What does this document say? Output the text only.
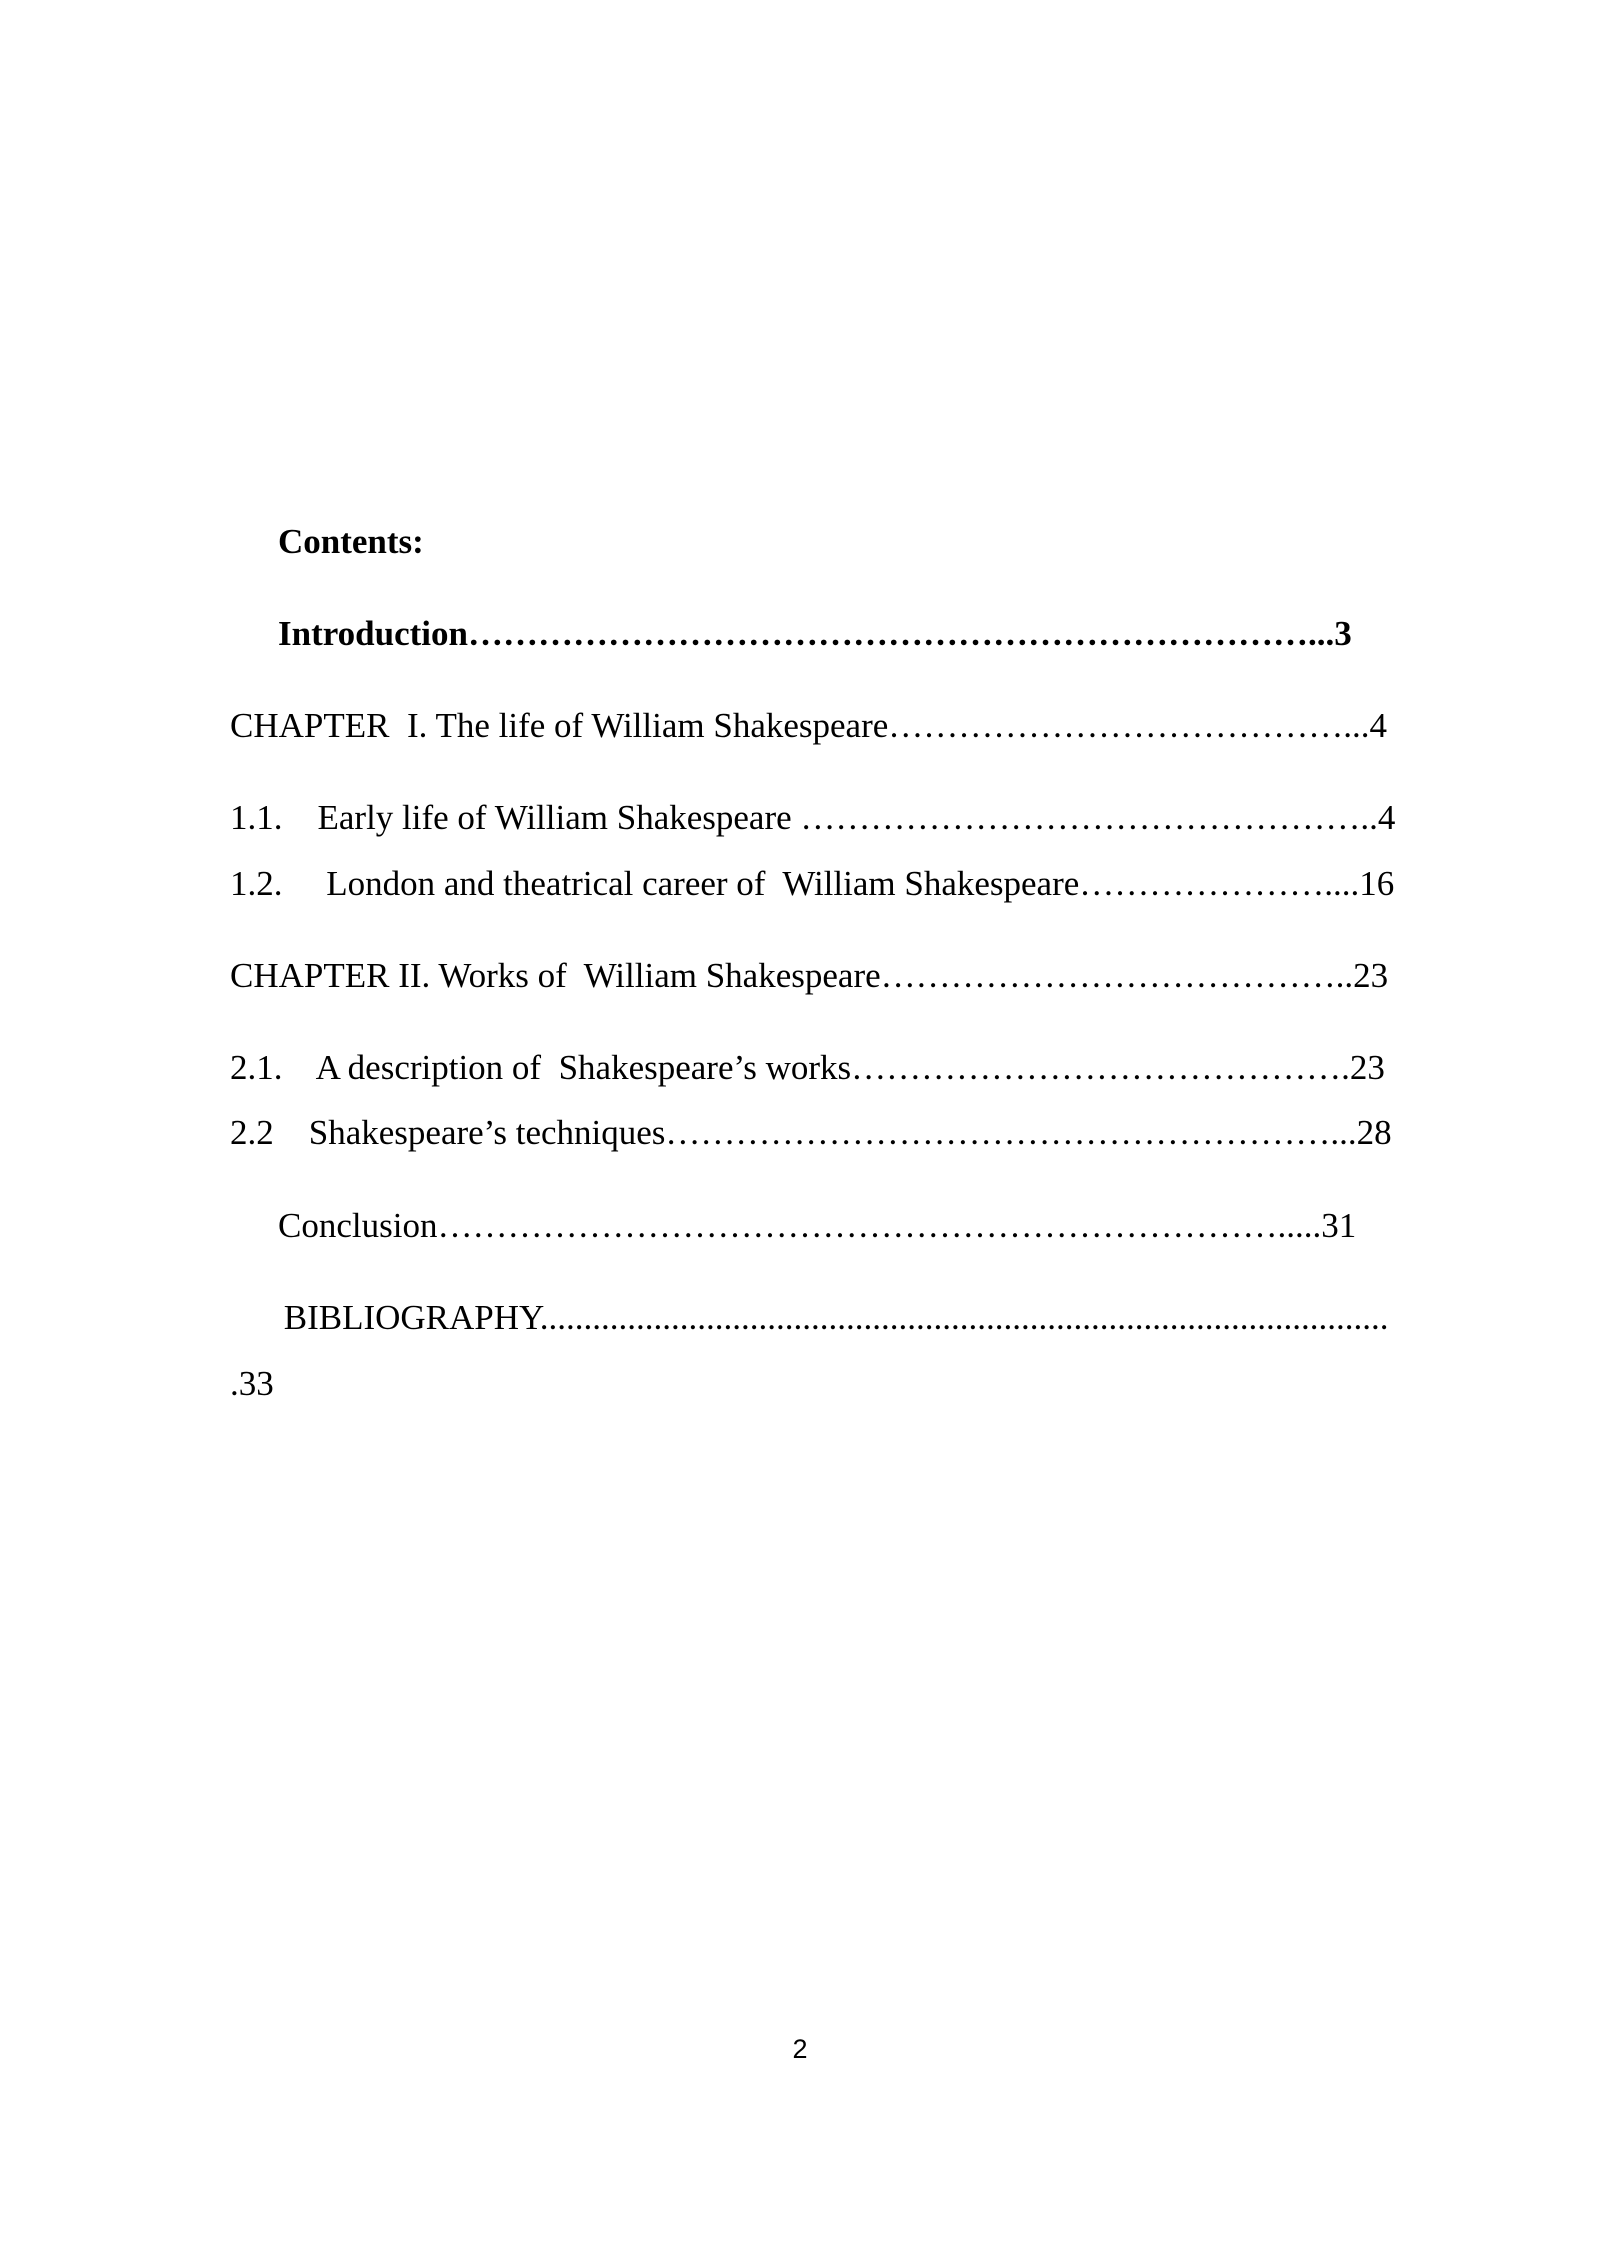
Contents:
Introduction………………………………………………………………...3
CHAPTER  I. The life of William Shakespeare…………………………………...4
1.1.    Early life of William Shakespeare …………………………………………..4
1.2.     London and theatrical career of  William Shakespeare…………………....16
CHAPTER II. Works of  William Shakespeare…………………………………..23
2.1.    A description of  Shakespeare’s works…………………………………….23
2.2    Shakespeare’s techniques…………………………………………………...28
Conclusion……………………………………………………………….....31
BIBLIOGRAPHY.................................................................................................
.33
2
